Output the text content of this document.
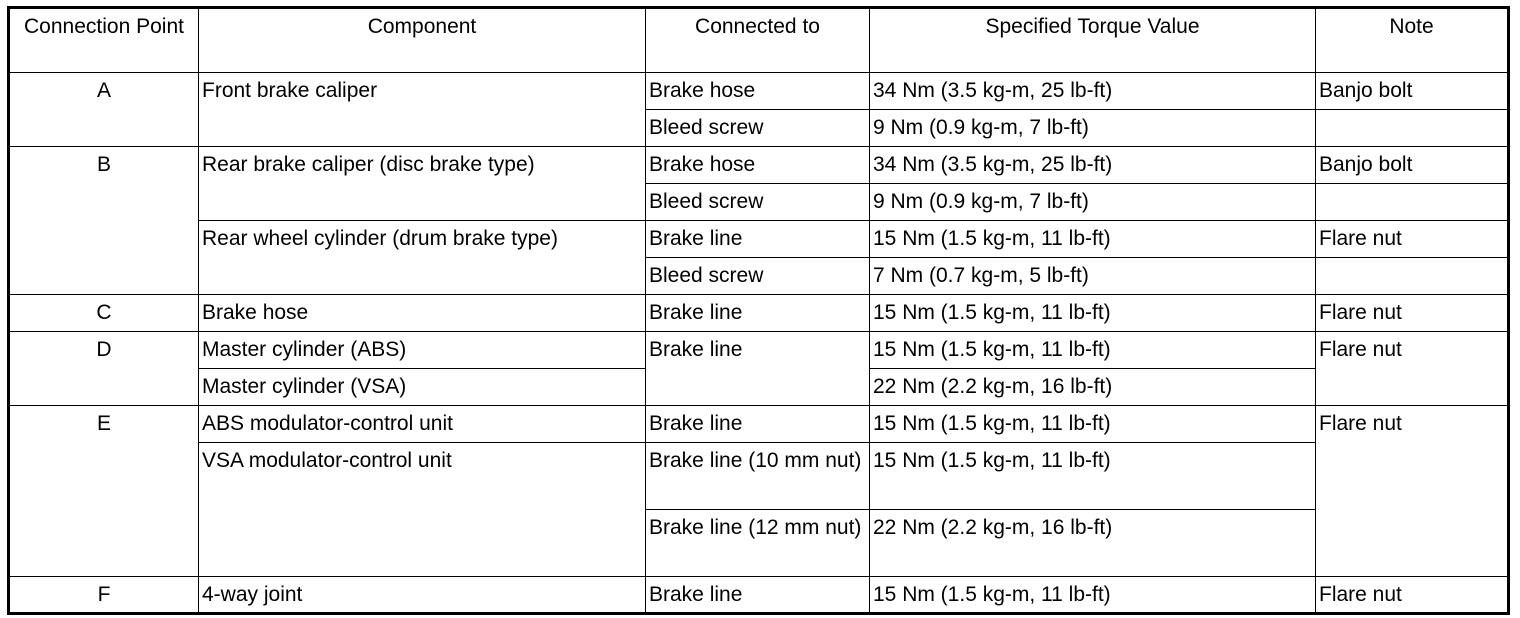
Connection Point	Component	Connected to	Specified Torque Value	Note
A	Front brake caliper	Brake hose	34 Nm (3.5 kg-m, 25 lb-ft)	Banjo bolt
		Bleed screw	9 Nm (0.9 kg-m, 7 lb-ft)	
B	Rear brake caliper (disc brake type)	Brake hose	34 Nm (3.5 kg-m, 25 lb-ft)	Banjo bolt
		Bleed screw	9 Nm (0.9 kg-m, 7 lb-ft)	
	Rear wheel cylinder (drum brake type)	Brake line	15 Nm (1.5 kg-m, 11 lb-ft)	Flare nut
		Bleed screw	7 Nm (0.7 kg-m, 5 lb-ft)	
C	Brake hose	Brake line	15 Nm (1.5 kg-m, 11 lb-ft)	Flare nut
D	Master cylinder (ABS)	Brake line	15 Nm (1.5 kg-m, 11 lb-ft)	Flare nut
	Master cylinder (VSA)		22 Nm (2.2 kg-m, 16 lb-ft)	
E	ABS modulator-control unit	Brake line	15 Nm (1.5 kg-m, 11 lb-ft)	Flare nut
	VSA modulator-control unit	Brake line (10 mm nut)	15 Nm (1.5 kg-m, 11 lb-ft)	
		Brake line (12 mm nut)	22 Nm (2.2 kg-m, 16 lb-ft)	
F	4-way joint	Brake line	15 Nm (1.5 kg-m, 11 lb-ft)	Flare nut
